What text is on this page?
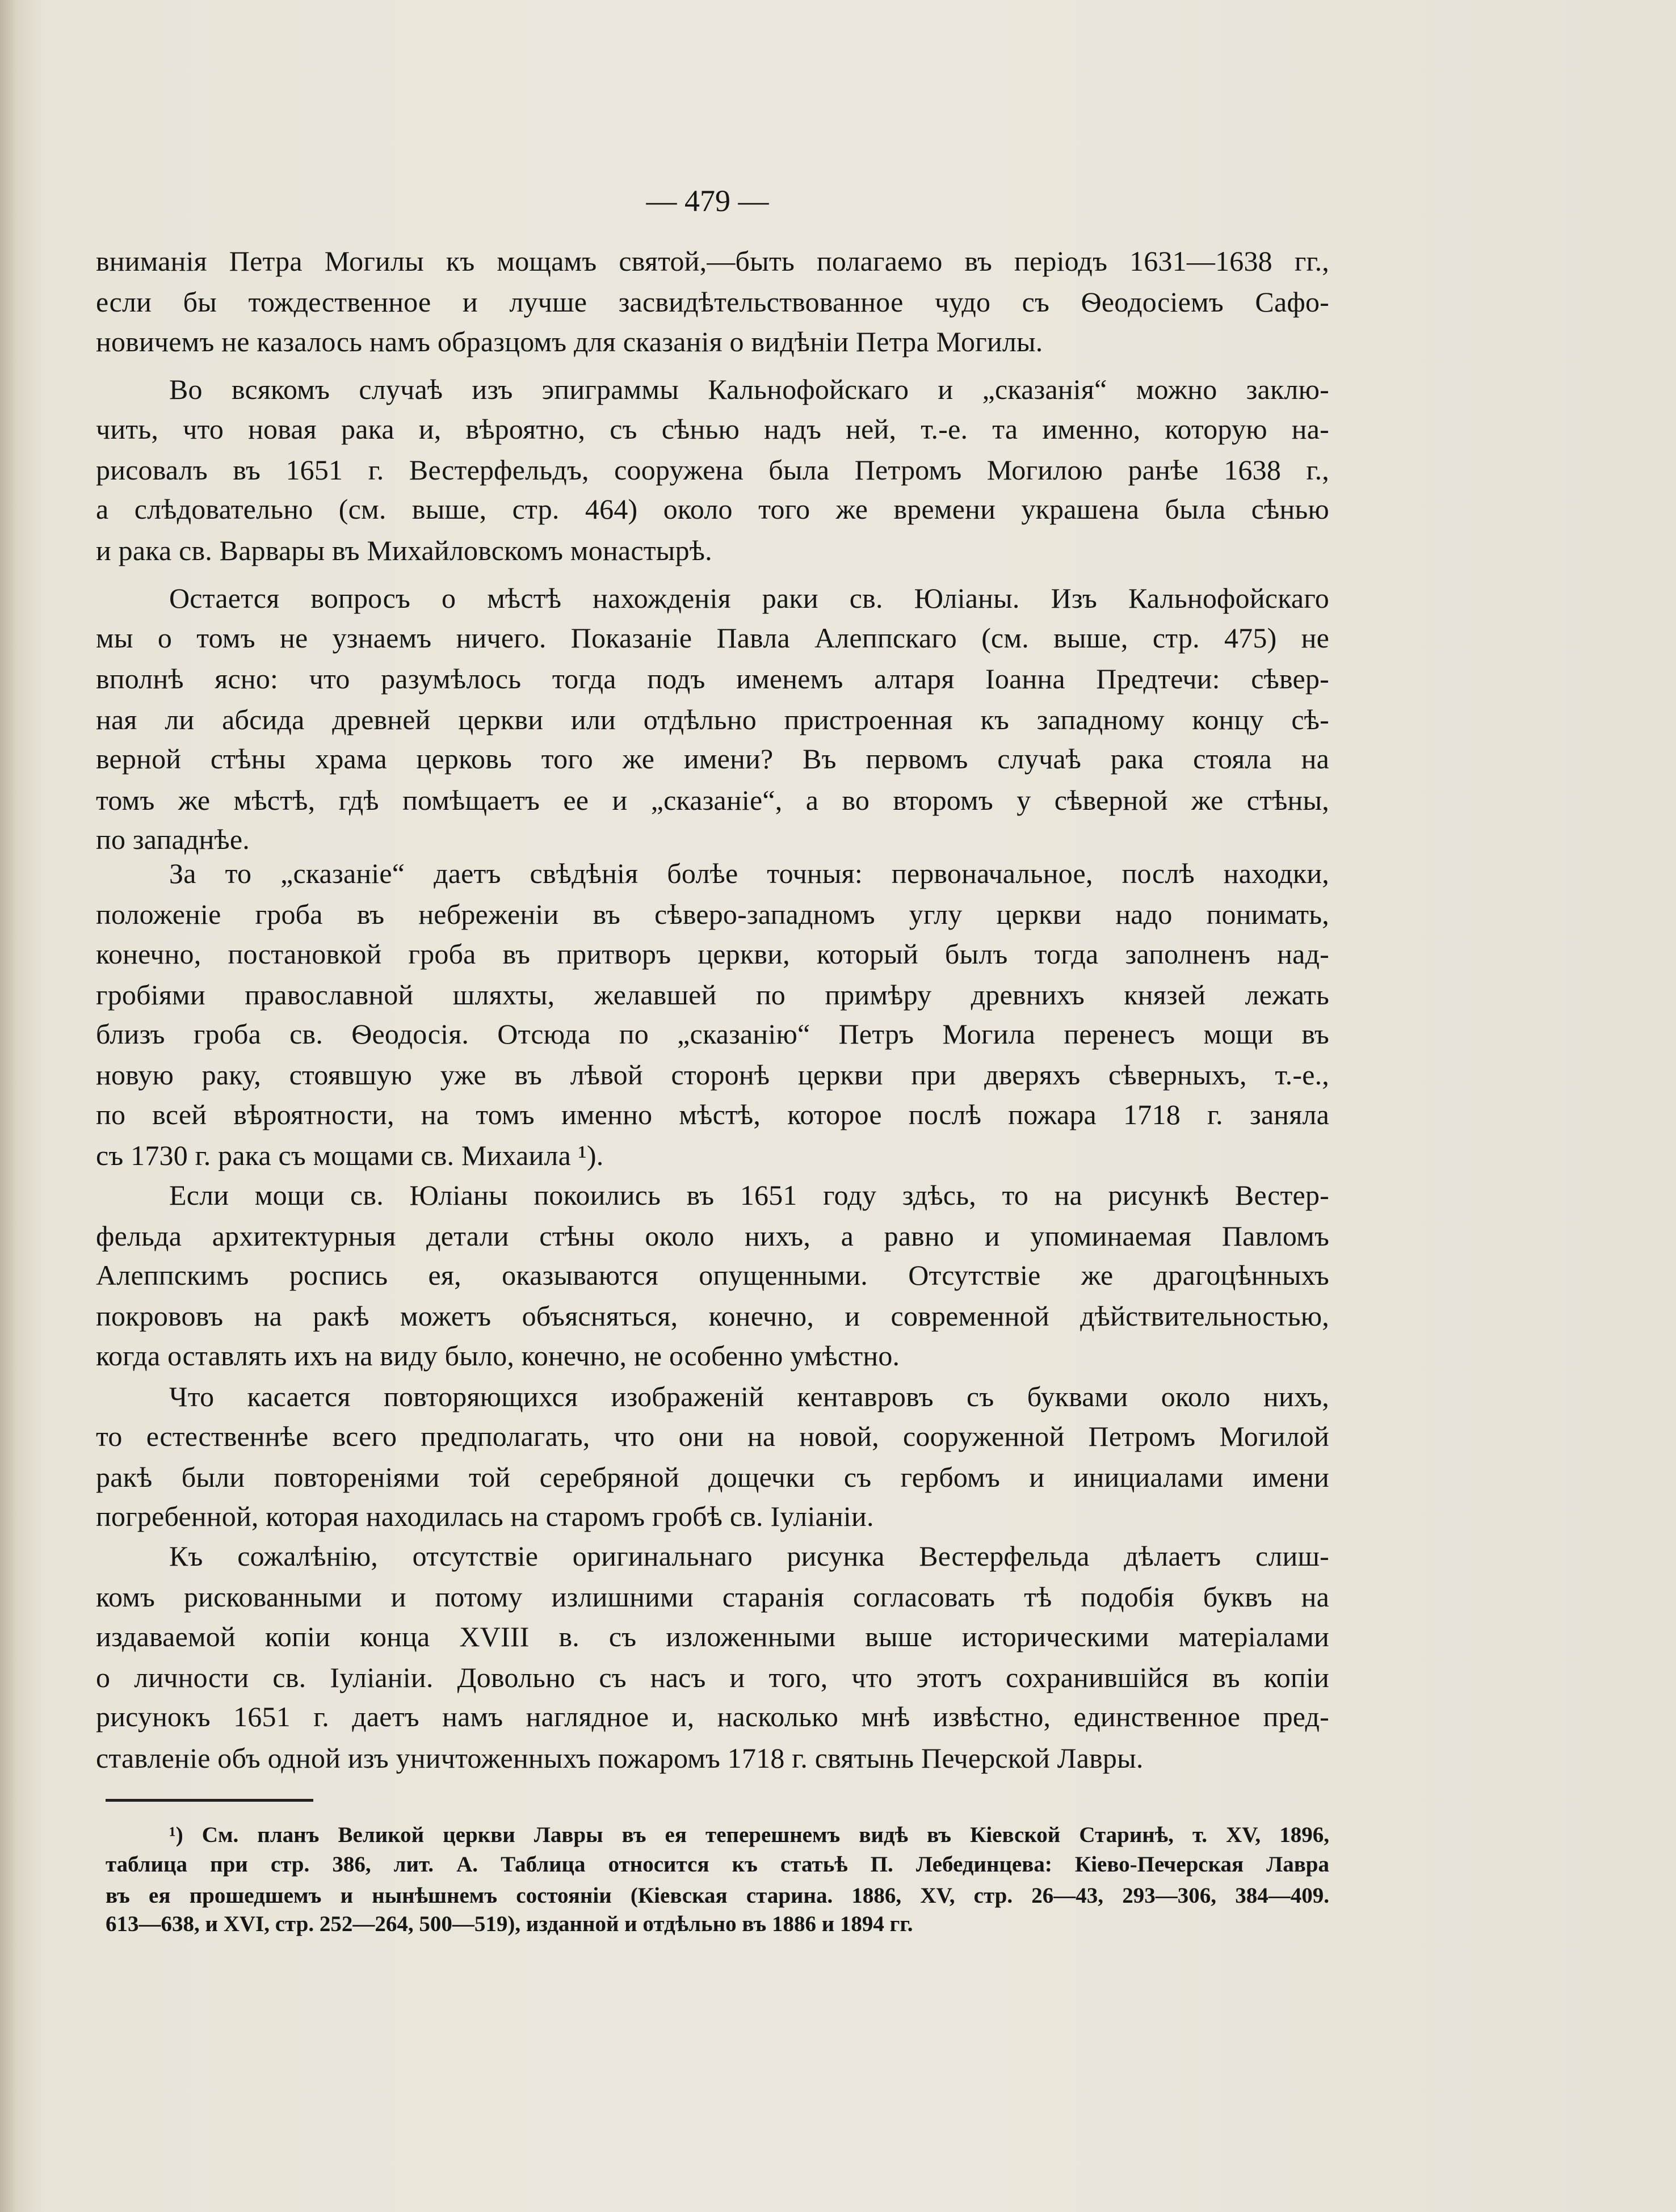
— 479 —
вниманія Петра Могилы къ мощамъ святой,—быть полагаемо въ періодъ 1631—1638 гг.,
если бы тождественное и лучше засвидѣтельствованное чудо съ Ѳеодосіемъ Сафо-
новичемъ не казалось намъ образцомъ для сказанія о видѣніи Петра Могилы.
Во всякомъ случаѣ изъ эпиграммы Кальнофойскаго и „сказанія“ можно заклю-
чить, что новая рака и, вѣроятно, съ сѣнью надъ ней, т.-е. та именно, которую на-
рисовалъ въ 1651 г. Вестерфельдъ, сооружена была Петромъ Могилою ранѣе 1638 г.,
а слѣдовательно (см. выше, стр. 464) около того же времени украшена была сѣнью
и рака св. Варвары въ Михайловскомъ монастырѣ.
Остается вопросъ о мѣстѣ нахожденія раки св. Юліаны. Изъ Кальнофойскаго
мы о томъ не узнаемъ ничего. Показаніе Павла Алеппскаго (см. выше, стр. 475) не
вполнѣ ясно: что разумѣлось тогда подъ именемъ алтаря Іоанна Предтечи: сѣвер-
ная ли абсида древней церкви или отдѣльно пристроенная къ западному концу сѣ-
верной стѣны храма церковь того же имени? Въ первомъ случаѣ рака стояла на
томъ же мѣстѣ, гдѣ помѣщаетъ ее и „сказаніе“, а во второмъ у сѣверной же стѣны,
по западнѣе.
За то „сказаніе“ даетъ свѣдѣнія болѣе точныя: первоначальное, послѣ находки,
положеніе гроба въ небреженіи въ сѣверо-западномъ углу церкви надо понимать,
конечно, постановкой гроба въ притворъ церкви, который былъ тогда заполненъ над-
гробіями православной шляхты, желавшей по примѣру древнихъ князей лежать
близъ гроба св. Ѳеодосія. Отсюда по „сказанію“ Петръ Могила перенесъ мощи въ
новую раку, стоявшую уже въ лѣвой сторонѣ церкви при дверяхъ сѣверныхъ, т.-е.,
по всей вѣроятности, на томъ именно мѣстѣ, которое послѣ пожара 1718 г. заняла
съ 1730 г. рака съ мощами св. Михаила ¹).
Если мощи св. Юліаны покоились въ 1651 году здѣсь, то на рисункѣ Вестер-
фельда архитектурныя детали стѣны около нихъ, а равно и упоминаемая Павломъ
Алеппскимъ роспись ея, оказываются опущенными. Отсутствіе же драгоцѣнныхъ
покрововъ на ракѣ можетъ объясняться, конечно, и современной дѣйствительностью,
когда оставлять ихъ на виду было, конечно, не особенно умѣстно.
Что касается повторяющихся изображеній кентавровъ съ буквами около нихъ,
то естественнѣе всего предполагать, что они на новой, сооруженной Петромъ Могилой
ракѣ были повтореніями той серебряной дощечки съ гербомъ и инициалами имени
погребенной, которая находилась на старомъ гробѣ св. Іуліаніи.
Къ сожалѣнію, отсутствіе оригинальнаго рисунка Вестерфельда дѣлаетъ слиш-
комъ рискованными и потому излишними старанія согласовать тѣ подобія буквъ на
издаваемой копіи конца XVIII в. съ изложенными выше историческими матеріалами
о личности св. Іуліаніи. Довольно съ насъ и того, что этотъ сохранившійся въ копіи
рисунокъ 1651 г. даетъ намъ наглядное и, насколько мнѣ извѣстно, единственное пред-
ставленіе объ одной изъ уничтоженныхъ пожаромъ 1718 г. святынь Печерской Лавры.
¹) См. планъ Великой церкви Лавры въ ея теперешнемъ видѣ въ Кіевской Старинѣ, т. XV, 1896,
таблица при стр. 386, лит. А. Таблица относится къ статьѣ П. Лебединцева: Кіево-Печерская Лавра
въ ея прошедшемъ и нынѣшнемъ состояніи (Кіевская старина. 1886, XV, стр. 26—43, 293—306, 384—409.
613—638, и XVI, стр. 252—264, 500—519), изданной и отдѣльно въ 1886 и 1894 гг.
